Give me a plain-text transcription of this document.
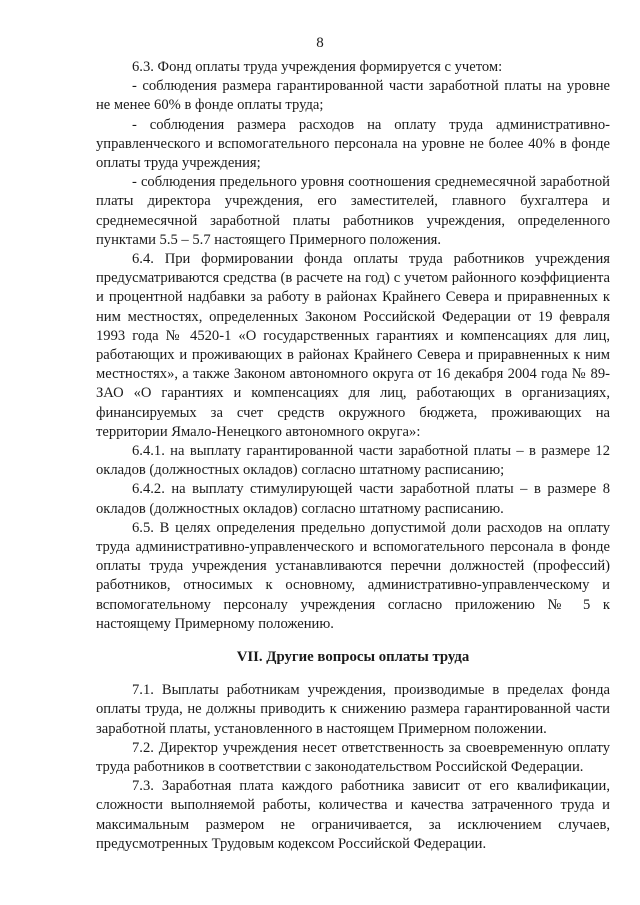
8

6.3. Фонд оплаты труда учреждения формируется с учетом:

- соблюдения размера гарантированной части заработной платы на уровне не менее 60% в фонде оплаты труда;

- соблюдения размера расходов на оплату труда административно-управленческого и вспомогательного персонала на уровне не более 40% в фонде оплаты труда учреждения;

- соблюдения предельного уровня соотношения среднемесячной заработной платы директора учреждения, его заместителей, главного бухгалтера и среднемесячной заработной платы работников учреждения, определенного пунктами 5.5 – 5.7 настоящего Примерного положения.

6.4. При формировании фонда оплаты труда работников учреждения предусматриваются средства (в расчете на год) с учетом районного коэффициента и процентной надбавки за работу в районах Крайнего Севера и приравненных к ним местностях, определенных Законом Российской Федерации от 19 февраля 1993 года № 4520-1 «О государственных гарантиях и компенсациях для лиц, работающих и проживающих в районах Крайнего Севера и приравненных к ним местностях», а также Законом автономного округа от 16 декабря 2004 года № 89-ЗАО «О гарантиях и компенсациях для лиц, работающих в организациях, финансируемых за счет средств окружного бюджета, проживающих на территории Ямало-Ненецкого автономного округа»:

6.4.1. на выплату гарантированной части заработной платы – в размере 12 окладов (должностных окладов) согласно штатному расписанию;

6.4.2. на выплату стимулирующей части заработной платы – в размере 8 окладов (должностных окладов) согласно штатному расписанию.

6.5. В целях определения предельно допустимой доли расходов на оплату труда административно-управленческого и вспомогательного персонала в фонде оплаты труда учреждения устанавливаются перечни должностей (профессий) работников, относимых к основному, административно-управленческому и вспомогательному персоналу учреждения согласно приложению № 5 к настоящему Примерному положению.

VII. Другие вопросы оплаты труда

7.1. Выплаты работникам учреждения, производимые в пределах фонда оплаты труда, не должны приводить к снижению размера гарантированной части заработной платы, установленного в настоящем Примерном положении.

7.2. Директор учреждения несет ответственность за своевременную оплату труда работников в соответствии с законодательством Российской Федерации.

7.3. Заработная плата каждого работника зависит от его квалификации, сложности выполняемой работы, количества и качества затраченного труда и максимальным размером не ограничивается, за исключением случаев, предусмотренных Трудовым кодексом Российской Федерации.
